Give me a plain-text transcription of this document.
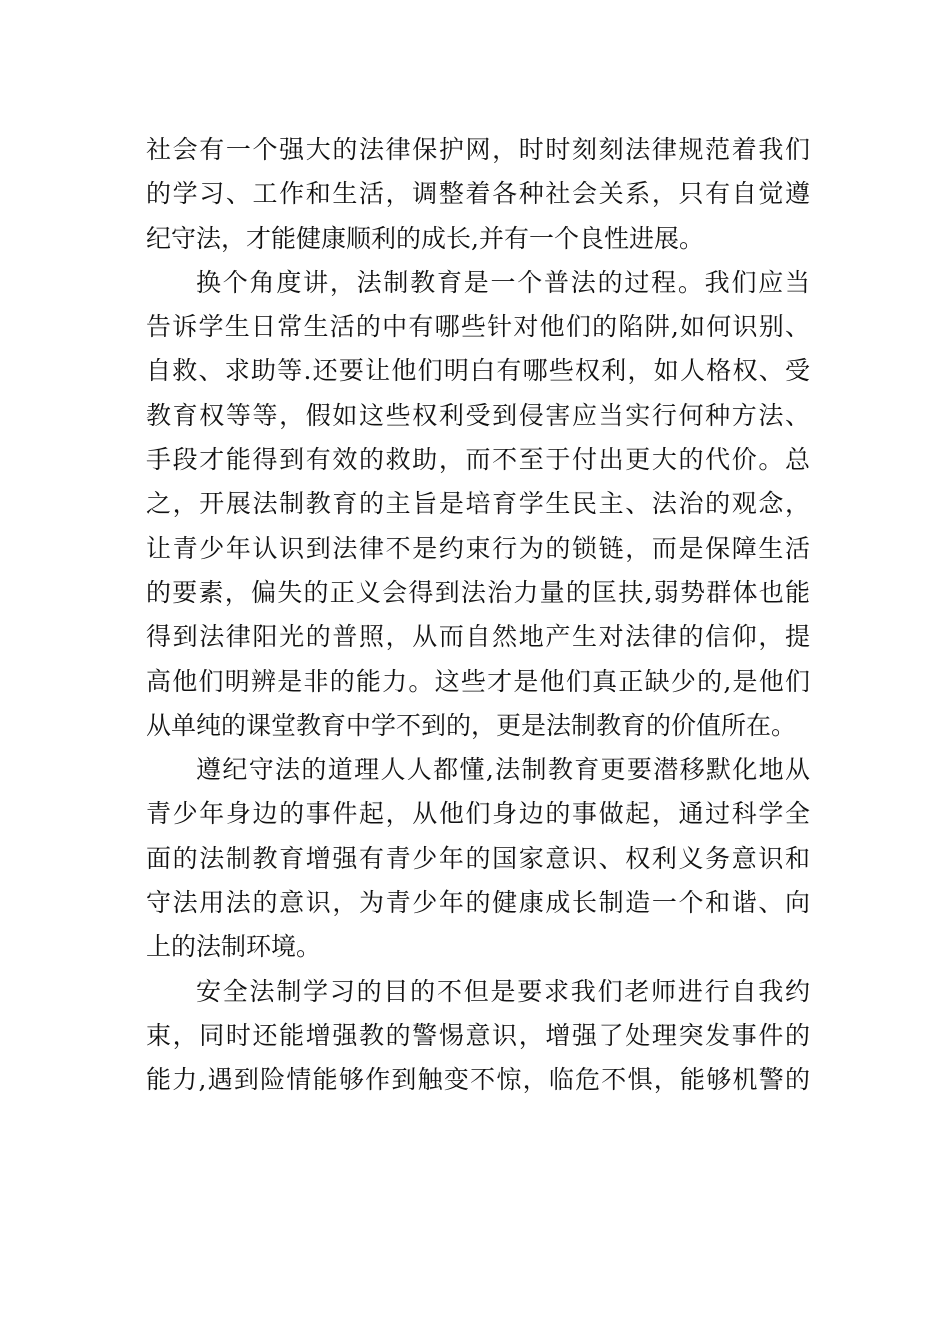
社会有一个强大的法律保护网，时时刻刻法律规范着我们
的学习、工作和生活，调整着各种社会关系，只有自觉遵
纪守法，才能健康顺利的成长,并有一个良性进展。
换个角度讲，法制教育是一个普法的过程。我们应当
告诉学生日常生活的中有哪些针对他们的陷阱,如何识别、
自救、求助等.还要让他们明白有哪些权利，如人格权、受
教育权等等，假如这些权利受到侵害应当实行何种方法、
手段才能得到有效的救助，而不至于付出更大的代价。总
之，开展法制教育的主旨是培育学生民主、法治的观念，
让青少年认识到法律不是约束行为的锁链，而是保障生活
的要素，偏失的正义会得到法治力量的匡扶,弱势群体也能
得到法律阳光的普照，从而自然地产生对法律的信仰，提
高他们明辨是非的能力。这些才是他们真正缺少的,是他们
从单纯的课堂教育中学不到的，更是法制教育的价值所在。
遵纪守法的道理人人都懂,法制教育更要潜移默化地从
青少年身边的事件起，从他们身边的事做起，通过科学全
面的法制教育增强有青少年的国家意识、权利义务意识和
守法用法的意识，为青少年的健康成长制造一个和谐、向
上的法制环境。
安全法制学习的目的不但是要求我们老师进行自我约
束，同时还能增强教的警惕意识，增强了处理突发事件的
能力,遇到险情能够作到触变不惊，临危不惧，能够机警的
